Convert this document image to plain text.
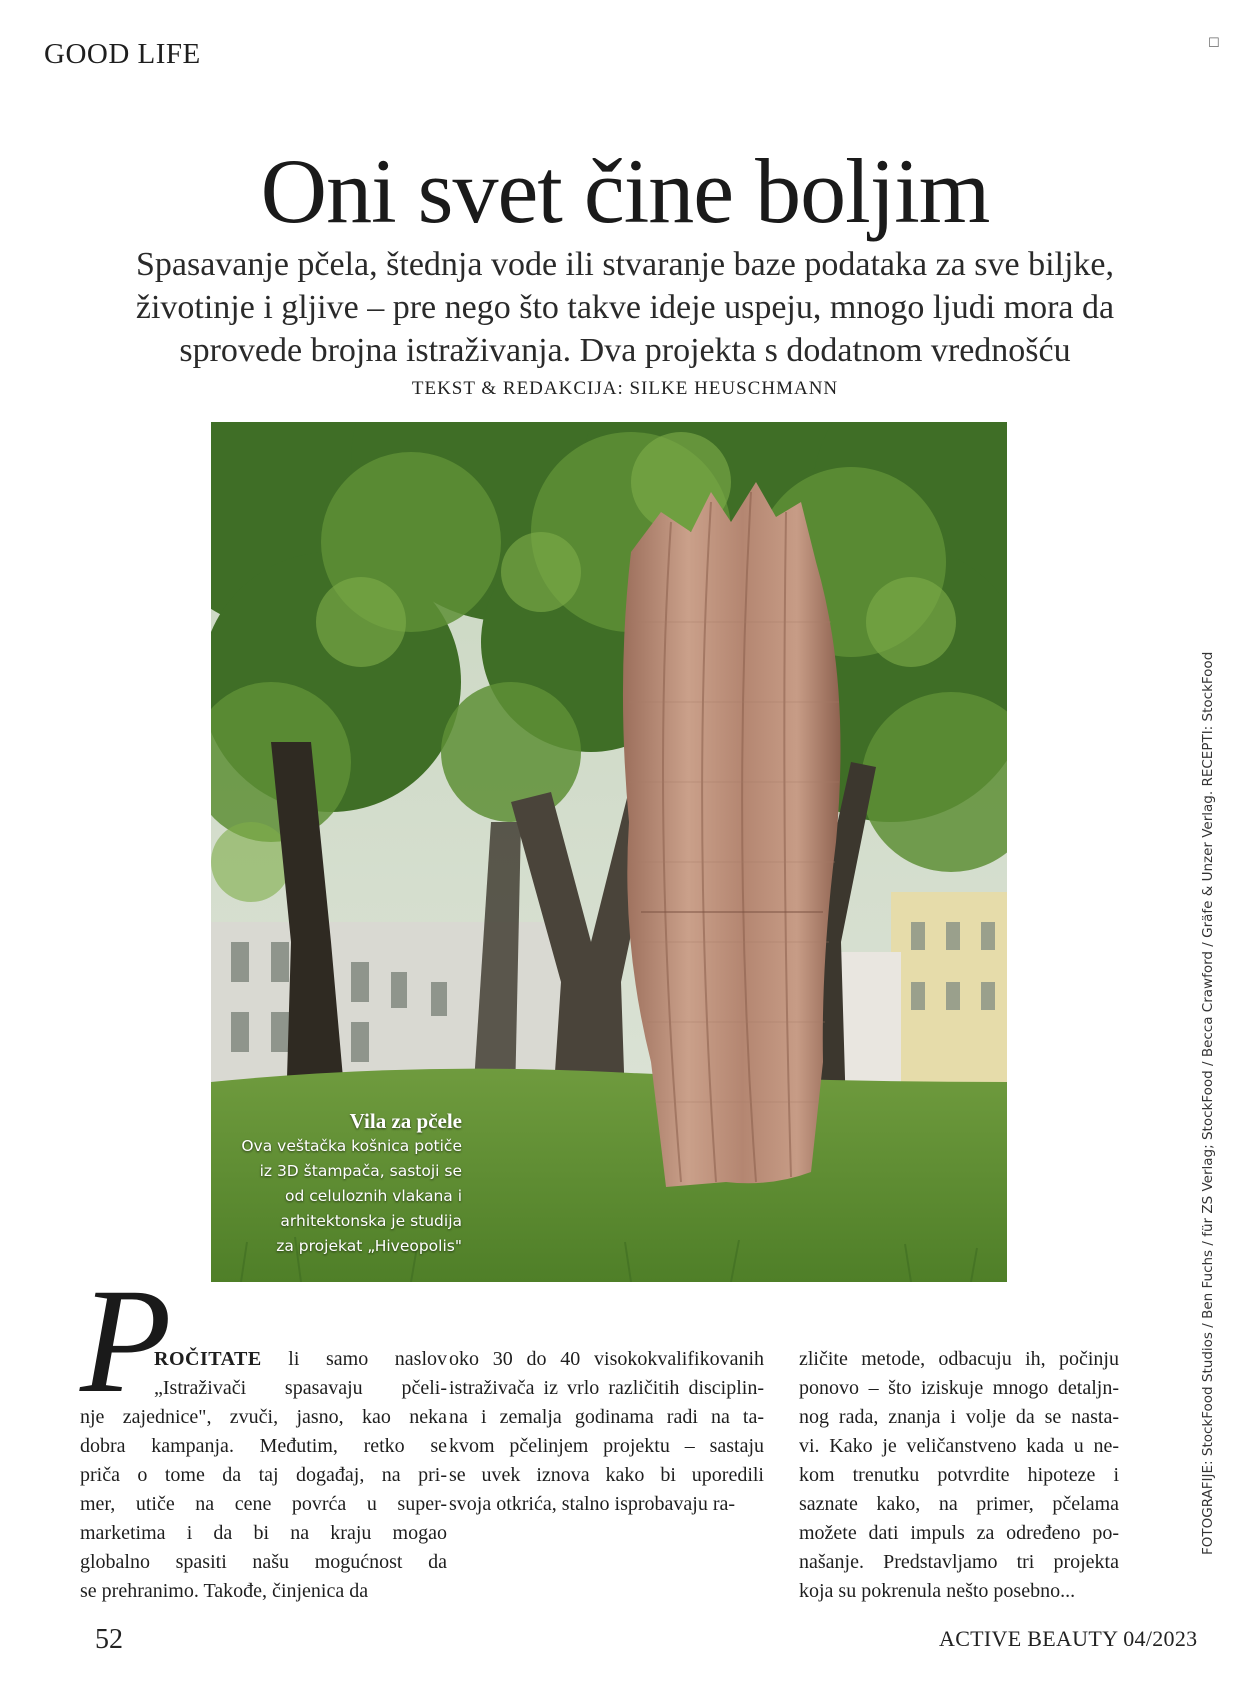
GOOD LIFE	☐
Oni svet čine boljim
Spasavanje pčela, štednja vode ili stvaranje baze podataka za sve biljke,
životinje i gljive – pre nego što takve ideje uspeju, mnogo ljudi mora da
sprovede brojna istraživanja. Dva projekta s dodatnom vrednošću
TEKST & REDAKCIJA: SILKE HEUSCHMANN
Vila za pčele
Ova veštačka košnica potiče
iz 3D štampača, sastoji se
od celuloznih vlakana i
arhitektonska je studija
za projekat „Hiveopolis"	FOTOGRAFIJE: StockFood Studios / Ben Fuchs / für ZS Verlag; StockFood / Becca Crawford / Gräfe & Unzer Verlag. RECEPTI: StockFood
P
ROČITATE li samo naslov
„Istraživači spasavaju pčeli-
nje zajednice", zvuči, jasno, kao neka
dobra kampanja. Međutim, retko se
priča o tome da taj događaj, na pri-
mer, utiče na cene povrća u super-
marketima i da bi na kraju mogao
globalno spasiti našu mogućnost da
se prehranimo. Takođe, činjenica da
oko 30 do 40 visokokvalifikovanih
istraživača iz vrlo različitih disciplin-
na i zemalja godinama radi na ta-
kvom pčelinjem projektu – sastaju
se uvek iznova kako bi uporedili
svoja otkrića, stalno isprobavaju ra-
zličite metode, odbacuju ih, počinju
ponovo – što iziskuje mnogo detaljn-
nog rada, znanja i volje da se nasta-
vi. Kako je veličanstveno kada u ne-
kom trenutku potvrdite hipoteze i
saznate kako, na primer, pčelama
možete dati impuls za određeno po-
našanje. Predstavljamo tri projekta
koja su pokrenula nešto posebno...
52	ACTIVE BEAUTY 04/2023
